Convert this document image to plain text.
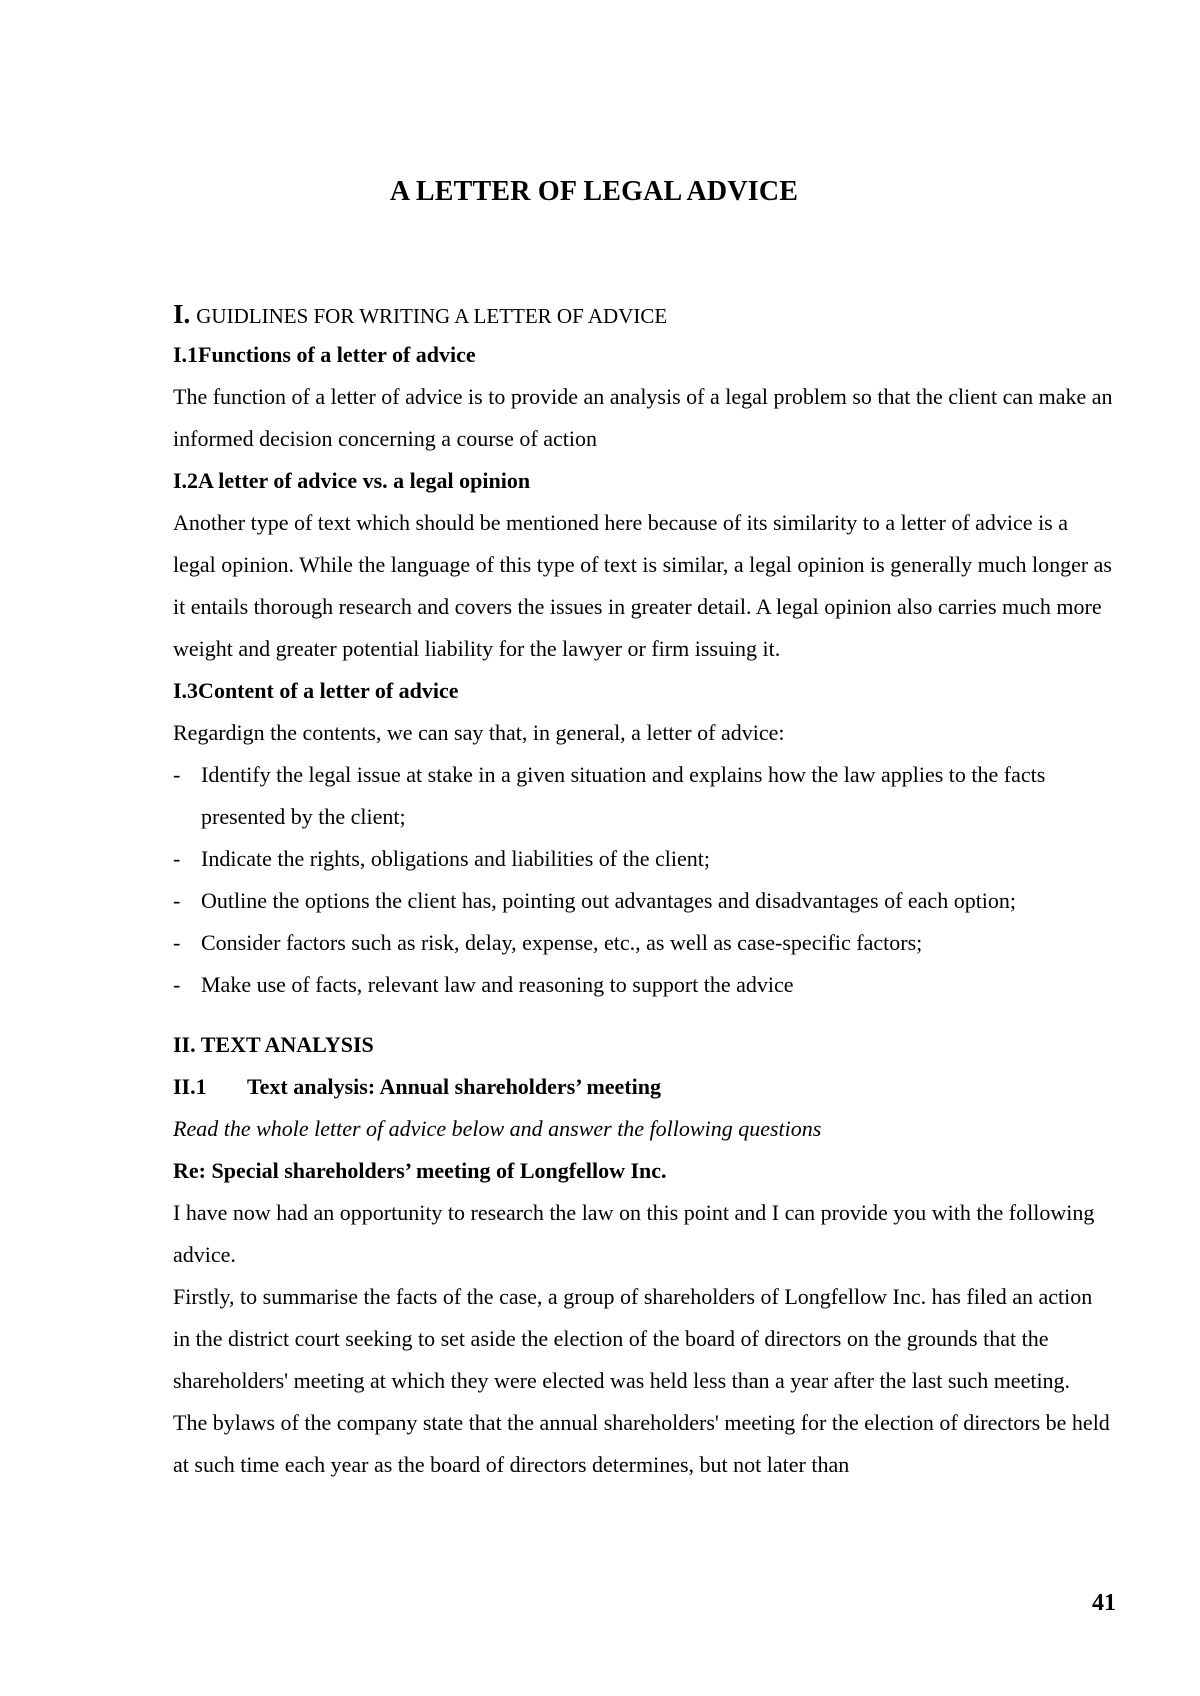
A LETTER OF LEGAL ADVICE

I. GUIDLINES FOR WRITING A LETTER OF ADVICE

I.1Functions of a letter of advice

The function of a letter of advice is to provide an analysis of a legal problem so that the client can make an informed decision concerning a course of action

I.2A letter of advice vs. a legal opinion

Another type of text which should be mentioned here because of its similarity to a letter of advice is a legal opinion. While the language of this type of text is similar, a legal opinion is generally much longer as it entails thorough research and covers the issues in greater detail. A legal opinion also carries much more weight and greater potential liability for the lawyer or firm issuing it.

I.3Content of a letter of advice

Regardign the contents, we can say that, in general, a letter of advice:

- Identify the legal issue at stake in a given situation and explains how the law applies to the facts presented by the client;

- Indicate the rights, obligations and liabilities of the client;

- Outline the options the client has, pointing out advantages and disadvantages of each option;

- Consider factors such as risk, delay, expense, etc., as well as case-specific factors;

- Make use of facts, relevant law and reasoning to support the advice

II. TEXT ANALYSIS

II.1 Text analysis: Annual shareholders’ meeting

Read the whole letter of advice below and answer the following questions

Re: Special shareholders’ meeting of Longfellow Inc.

I have now had an opportunity to research the law on this point and I can provide you with the following advice.

Firstly, to summarise the facts of the case, a group of shareholders of Longfellow Inc. has filed an action in the district court seeking to set aside the election of the board of directors on the grounds that the shareholders' meeting at which they were elected was held less than a year after the last such meeting.

The bylaws of the company state that the annual shareholders' meeting for the election of directors be held at such time each year as the board of directors determines, but not later than

41
